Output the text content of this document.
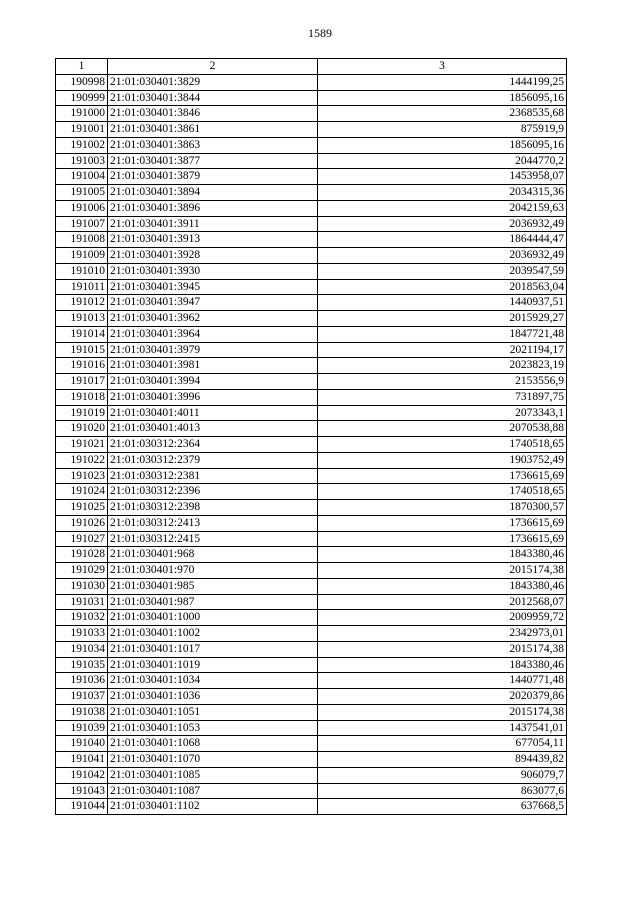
1589
1	2	3
190998	21:01:030401:3829	1444199,25
190999	21:01:030401:3844	1856095,16
191000	21:01:030401:3846	2368535,68
191001	21:01:030401:3861	875919,9
191002	21:01:030401:3863	1856095,16
191003	21:01:030401:3877	2044770,2
191004	21:01:030401:3879	1453958,07
191005	21:01:030401:3894	2034315,36
191006	21:01:030401:3896	2042159,63
191007	21:01:030401:3911	2036932,49
191008	21:01:030401:3913	1864444,47
191009	21:01:030401:3928	2036932,49
191010	21:01:030401:3930	2039547,59
191011	21:01:030401:3945	2018563,04
191012	21:01:030401:3947	1440937,51
191013	21:01:030401:3962	2015929,27
191014	21:01:030401:3964	1847721,48
191015	21:01:030401:3979	2021194,17
191016	21:01:030401:3981	2023823,19
191017	21:01:030401:3994	2153556,9
191018	21:01:030401:3996	731897,75
191019	21:01:030401:4011	2073343,1
191020	21:01:030401:4013	2070538,88
191021	21:01:030312:2364	1740518,65
191022	21:01:030312:2379	1903752,49
191023	21:01:030312:2381	1736615,69
191024	21:01:030312:2396	1740518,65
191025	21:01:030312:2398	1870300,57
191026	21:01:030312:2413	1736615,69
191027	21:01:030312:2415	1736615,69
191028	21:01:030401:968	1843380,46
191029	21:01:030401:970	2015174,38
191030	21:01:030401:985	1843380,46
191031	21:01:030401:987	2012568,07
191032	21:01:030401:1000	2009959,72
191033	21:01:030401:1002	2342973,01
191034	21:01:030401:1017	2015174,38
191035	21:01:030401:1019	1843380,46
191036	21:01:030401:1034	1440771,48
191037	21:01:030401:1036	2020379,86
191038	21:01:030401:1051	2015174,38
191039	21:01:030401:1053	1437541,01
191040	21:01:030401:1068	677054,11
191041	21:01:030401:1070	894439,82
191042	21:01:030401:1085	906079,7
191043	21:01:030401:1087	863077,6
191044	21:01:030401:1102	637668,5
